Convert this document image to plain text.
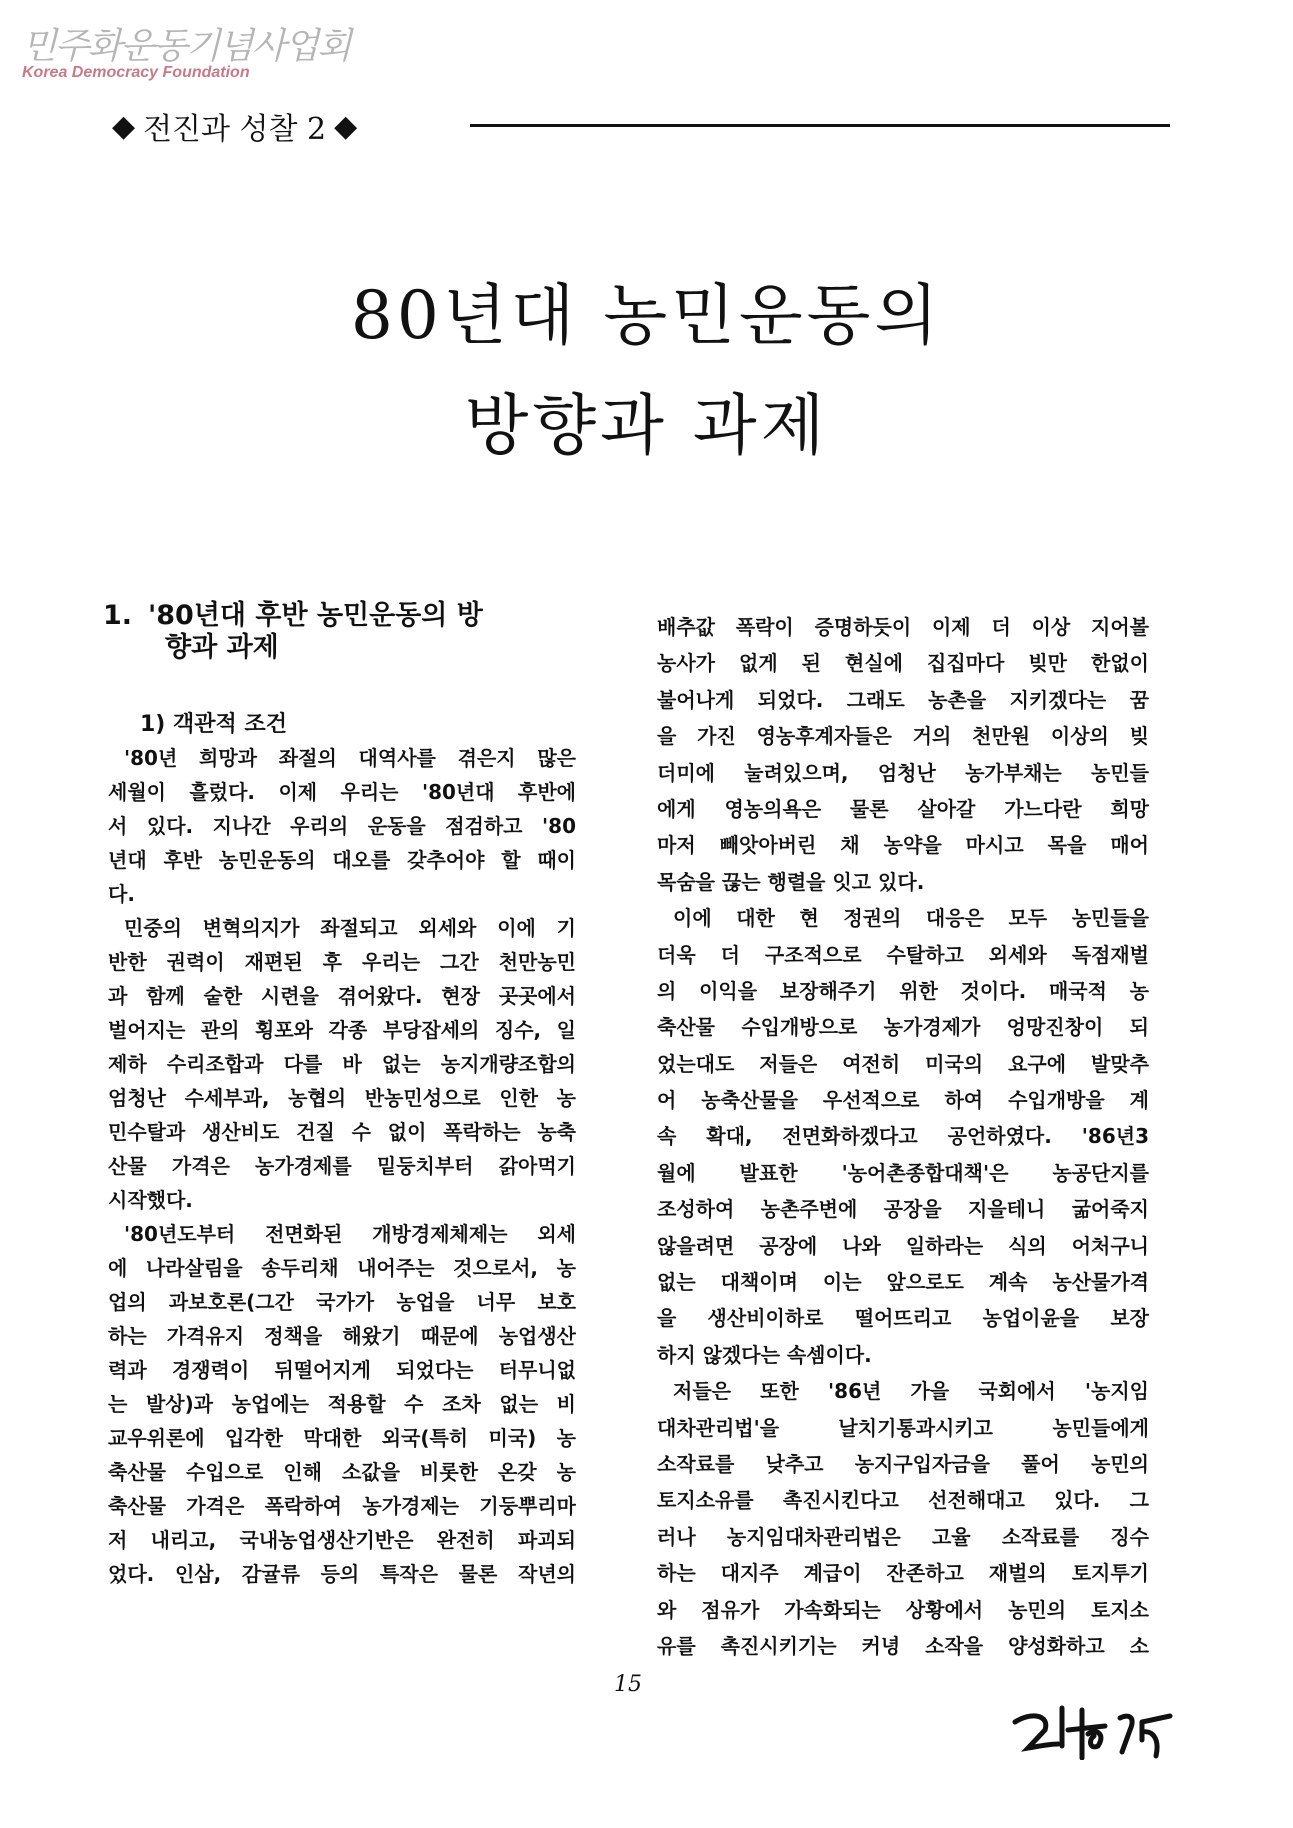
민주화운동기념사업회
Korea Democracy Foundation
◆ 전진과 성찰 2 ◆
80년대 농민운동의
방향과 과제
1. '80년대 후반 농민운동의 방
향과 과제
1) 객관적 조건
'80년 희망과 좌절의 대역사를 겪은지 많은
세월이 흘렀다. 이제 우리는 '80년대 후반에
서 있다. 지나간 우리의 운동을 점검하고 '80
년대 후반 농민운동의 대오를 갖추어야 할 때이
다.
민중의 변혁의지가 좌절되고 외세와 이에 기
반한 권력이 재편된 후 우리는 그간 천만농민
과 함께 숱한 시련을 겪어왔다. 현장 곳곳에서
벌어지는 관의 횡포와 각종 부당잡세의 징수, 일
제하 수리조합과 다를 바 없는 농지개량조합의
엄청난 수세부과, 농협의 반농민성으로 인한 농
민수탈과 생산비도 건질 수 없이 폭락하는 농축
산물 가격은 농가경제를 밑둥치부터 갉아먹기
시작했다.
'80년도부터 전면화된 개방경제체제는 외세
에 나라살림을 송두리채 내어주는 것으로서, 농
업의 과보호론(그간 국가가 농업을 너무 보호
하는 가격유지 정책을 해왔기 때문에 농업생산
력과 경쟁력이 뒤떨어지게 되었다는 터무니없
는 발상)과 농업에는 적용할 수 조차 없는 비
교우위론에 입각한 막대한 외국(특히 미국) 농
축산물 수입으로 인해 소값을 비롯한 온갖 농
축산물 가격은 폭락하여 농가경제는 기둥뿌리마
저 내리고, 국내농업생산기반은 완전히 파괴되
었다. 인삼, 감귤류 등의 특작은 물론 작년의
배추값 폭락이 증명하듯이 이제 더 이상 지어볼
농사가 없게 된 현실에 집집마다 빚만 한없이
불어나게 되었다. 그래도 농촌을 지키겠다는 꿈
을 가진 영농후계자들은 거의 천만원 이상의 빚
더미에 눌려있으며, 엄청난 농가부채는 농민들
에게 영농의욕은 물론 살아갈 가느다란 희망
마저 빼앗아버린 채 농약을 마시고 목을 매어
목숨을 끊는 행렬을 잇고 있다.
이에 대한 현 정권의 대응은 모두 농민들을
더욱 더 구조적으로 수탈하고 외세와 독점재벌
의 이익을 보장해주기 위한 것이다. 매국적 농
축산물 수입개방으로 농가경제가 엉망진창이 되
었는대도 저들은 여전히 미국의 요구에 발맞추
어 농축산물을 우선적으로 하여 수입개방을 계
속 확대, 전면화하겠다고 공언하였다. '86년3
월에 발표한 '농어촌종합대책'은 농공단지를
조성하여 농촌주변에 공장을 지을테니 굶어죽지
않을려면 공장에 나와 일하라는 식의 어처구니
없는 대책이며 이는 앞으로도 계속 농산물가격
을 생산비이하로 떨어뜨리고 농업이윤을 보장
하지 않겠다는 속셈이다.
저들은 또한 '86년 가을 국회에서 '농지임
대차관리법'을 날치기통과시키고 농민들에게
소작료를 낮추고 농지구입자금을 풀어 농민의
토지소유를 촉진시킨다고 선전해대고 있다. 그
러나 농지임대차관리법은 고율 소작료를 징수
하는 대지주 계급이 잔존하고 재벌의 토지투기
와 점유가 가속화되는 상황에서 농민의 토지소
유를 촉진시키기는 커녕 소작을 양성화하고 소
15
